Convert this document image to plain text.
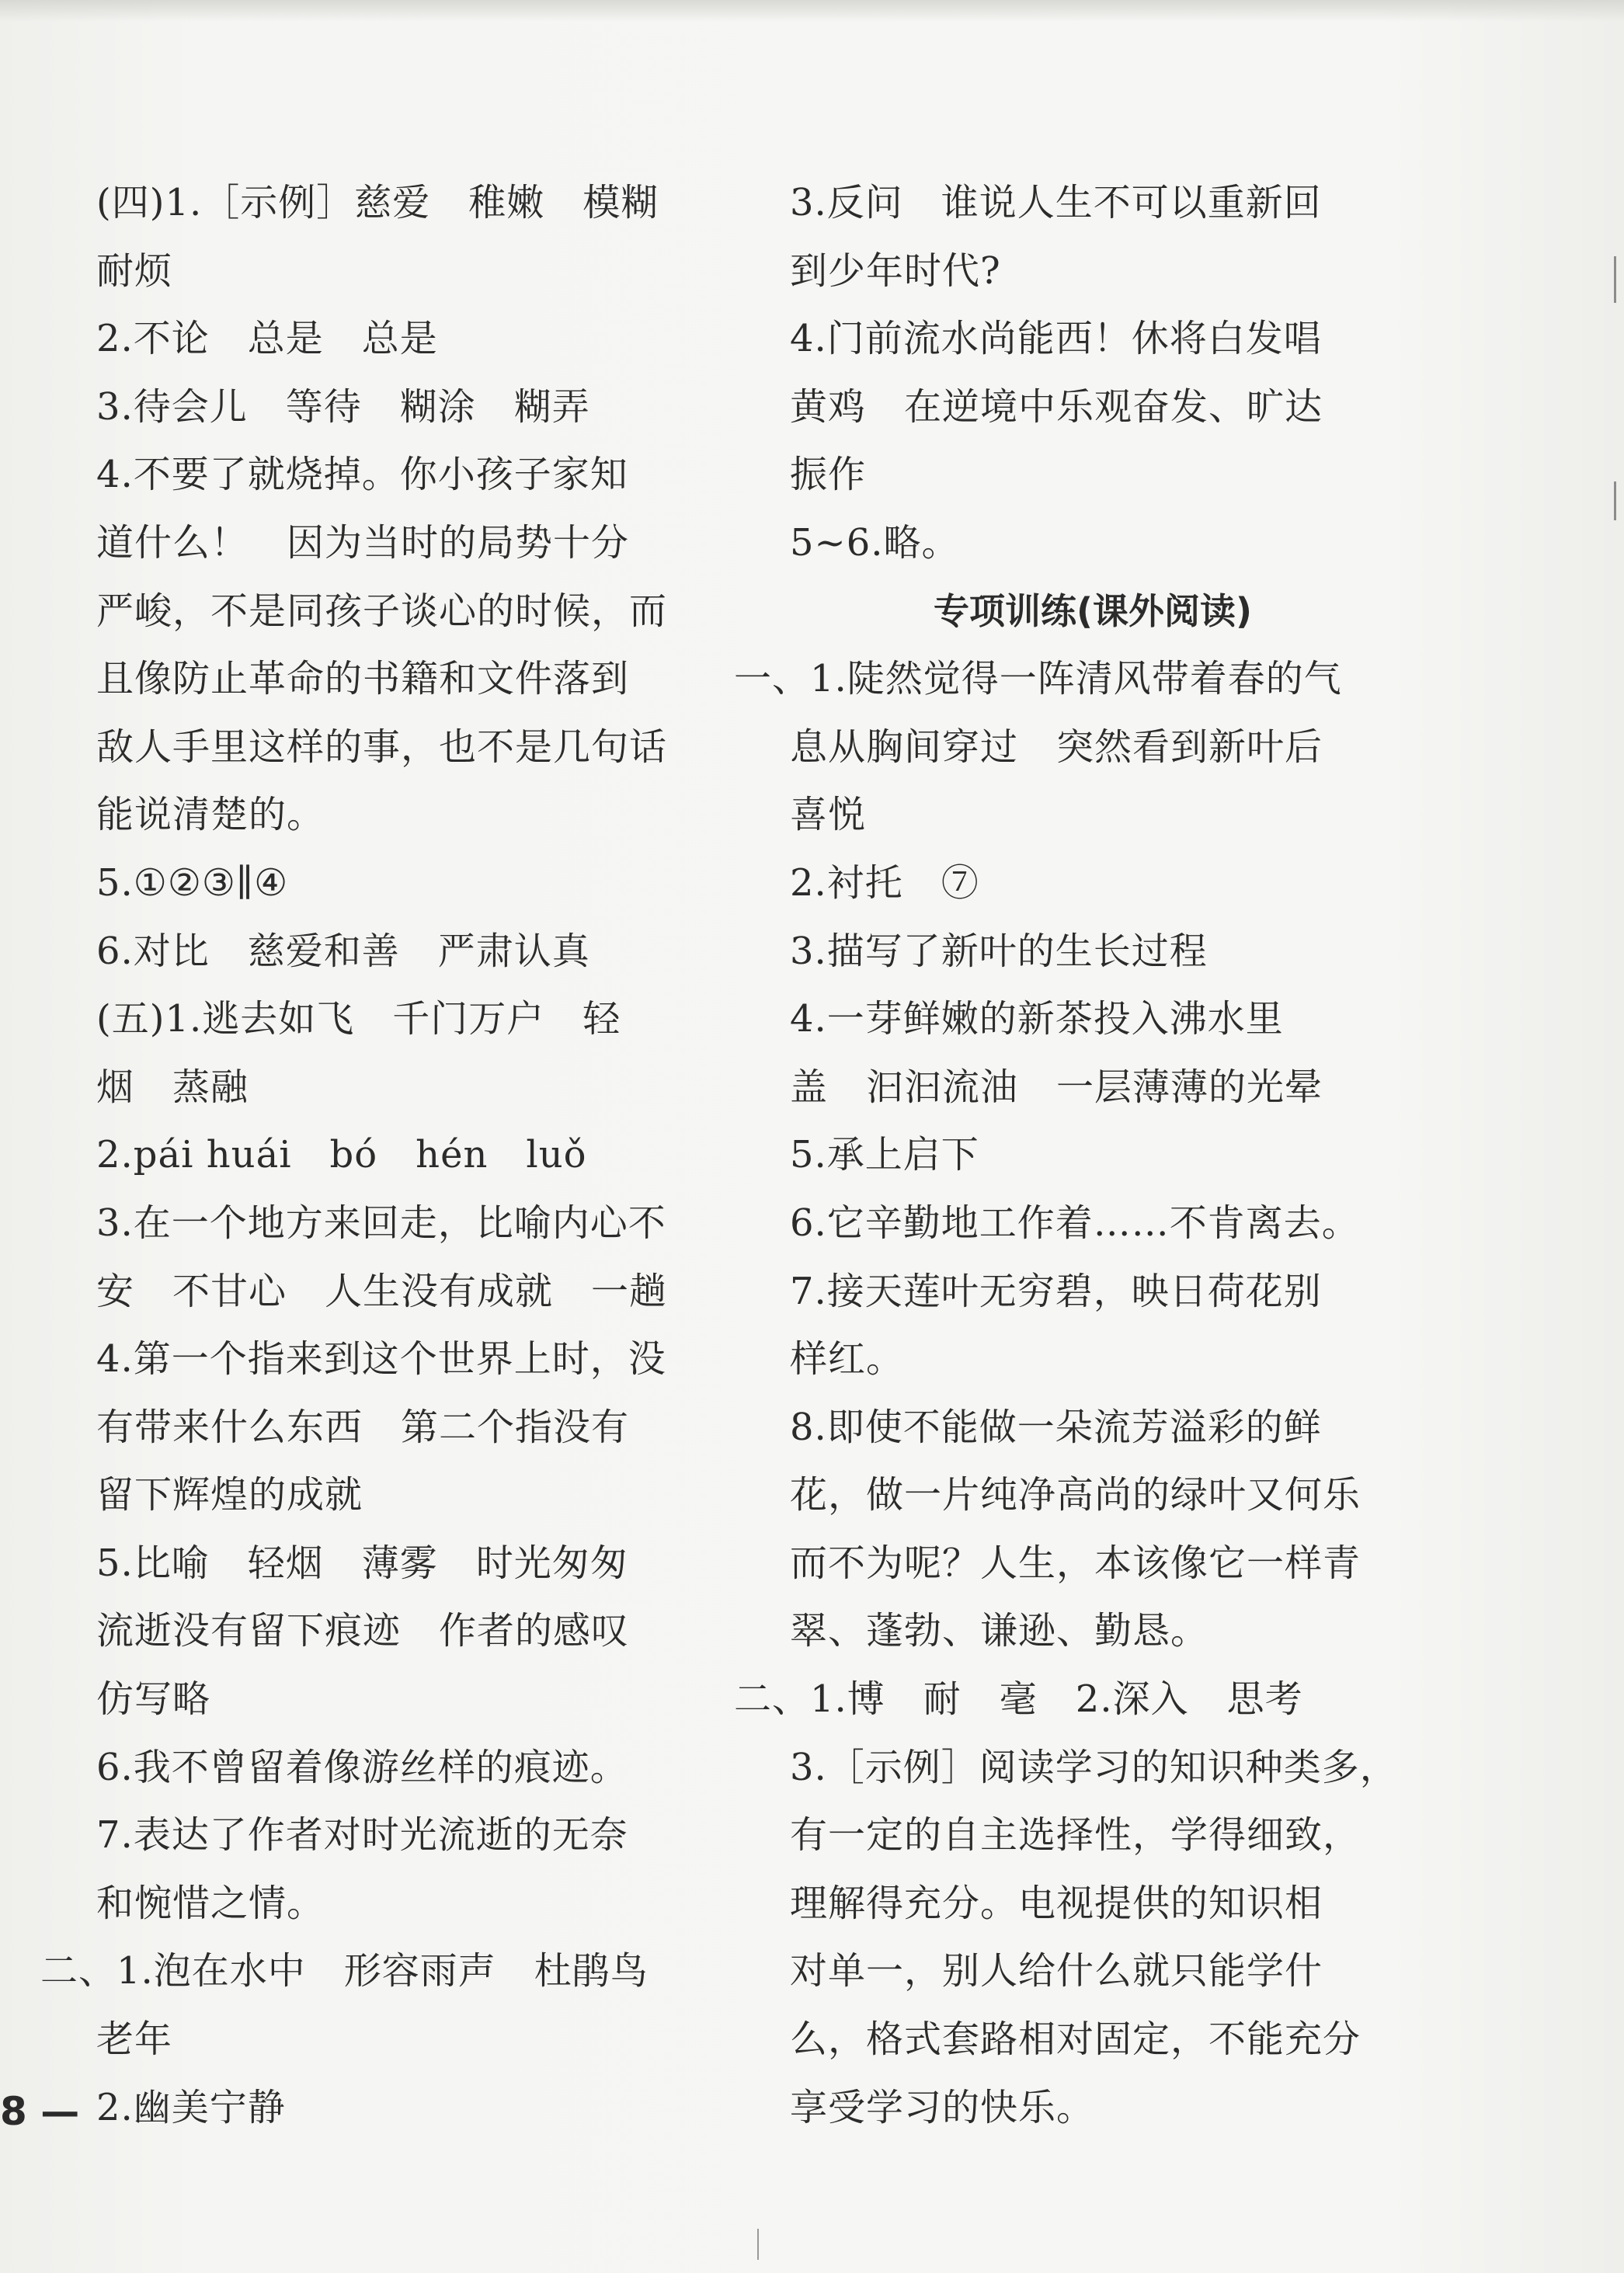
(四)1.［示例］慈爱　稚嫩　模糊
耐烦
2.不论　总是　总是
3.待会儿　等待　糊涂　糊弄
4.不要了就烧掉。你小孩子家知
道什么！　因为当时的局势十分
严峻，不是同孩子谈心的时候，而
且像防止革命的书籍和文件落到
敌人手里这样的事，也不是几句话
能说清楚的。
5.①②③∥④
6.对比　慈爱和善　严肃认真
(五)1.逃去如飞　千门万户　轻
烟　蒸融
2.pái huái　bó　hén　luǒ
3.在一个地方来回走，比喻内心不
安　不甘心　人生没有成就　一趟
4.第一个指来到这个世界上时，没
有带来什么东西　第二个指没有
留下辉煌的成就
5.比喻　轻烟　薄雾　时光匆匆
流逝没有留下痕迹　作者的感叹
仿写略
6.我不曾留着像游丝样的痕迹。
7.表达了作者对时光流逝的无奈
和惋惜之情。
二、1.泡在水中　形容雨声　杜鹃鸟
老年
2.幽美宁静
3.反问　谁说人生不可以重新回
到少年时代?
4.门前流水尚能西！休将白发唱
黄鸡　在逆境中乐观奋发、旷达
振作
5~6.略。
专项训练(课外阅读)
一、1.陡然觉得一阵清风带着春的气
息从胸间穿过　突然看到新叶后
喜悦
2.衬托　⑦
3.描写了新叶的生长过程
4.一芽鲜嫩的新茶投入沸水里
盖　汩汩流油　一层薄薄的光晕
5.承上启下
6.它辛勤地工作着……不肯离去。
7.接天莲叶无穷碧，映日荷花别
样红。
8.即使不能做一朵流芳溢彩的鲜
花，做一片纯净高尚的绿叶又何乐
而不为呢？人生，本该像它一样青
翠、蓬勃、谦逊、勤恳。
二、1.博　耐　毫　2.深入　思考
3.［示例］阅读学习的知识种类多，
有一定的自主选择性，学得细致，
理解得充分。电视提供的知识相
对单一，别人给什么就只能学什
么，格式套路相对固定，不能充分
享受学习的快乐。
8 —
